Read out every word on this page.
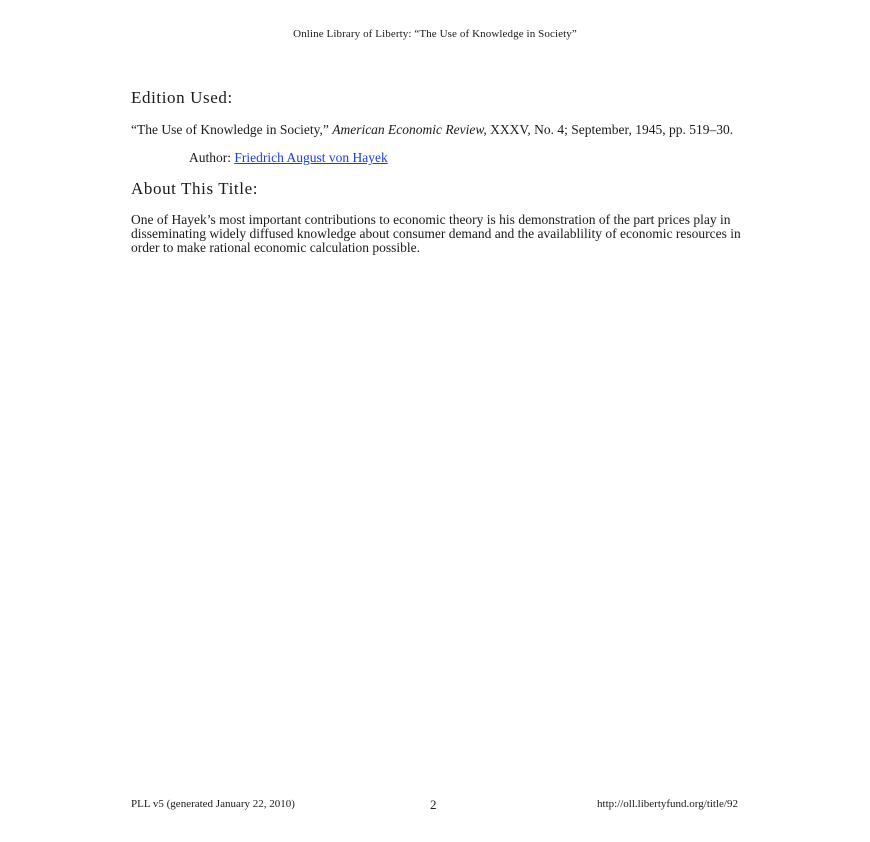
Online Library of Liberty: “The Use of Knowledge in Society”
Edition Used:

“The Use of Knowledge in Society,” American Economic Review, XXXV, No. 4; September, 1945, pp. 519–30.

Author: Friedrich August von Hayek

About This Title:

One of Hayek’s most important contributions to economic theory is his demonstration of the part prices play in disseminating widely diffused knowledge about consumer demand and the availablility of economic resources in order to make rational economic calculation possible.

PLL v5 (generated January 22, 2010)	2	http://oll.libertyfund.org/title/92
